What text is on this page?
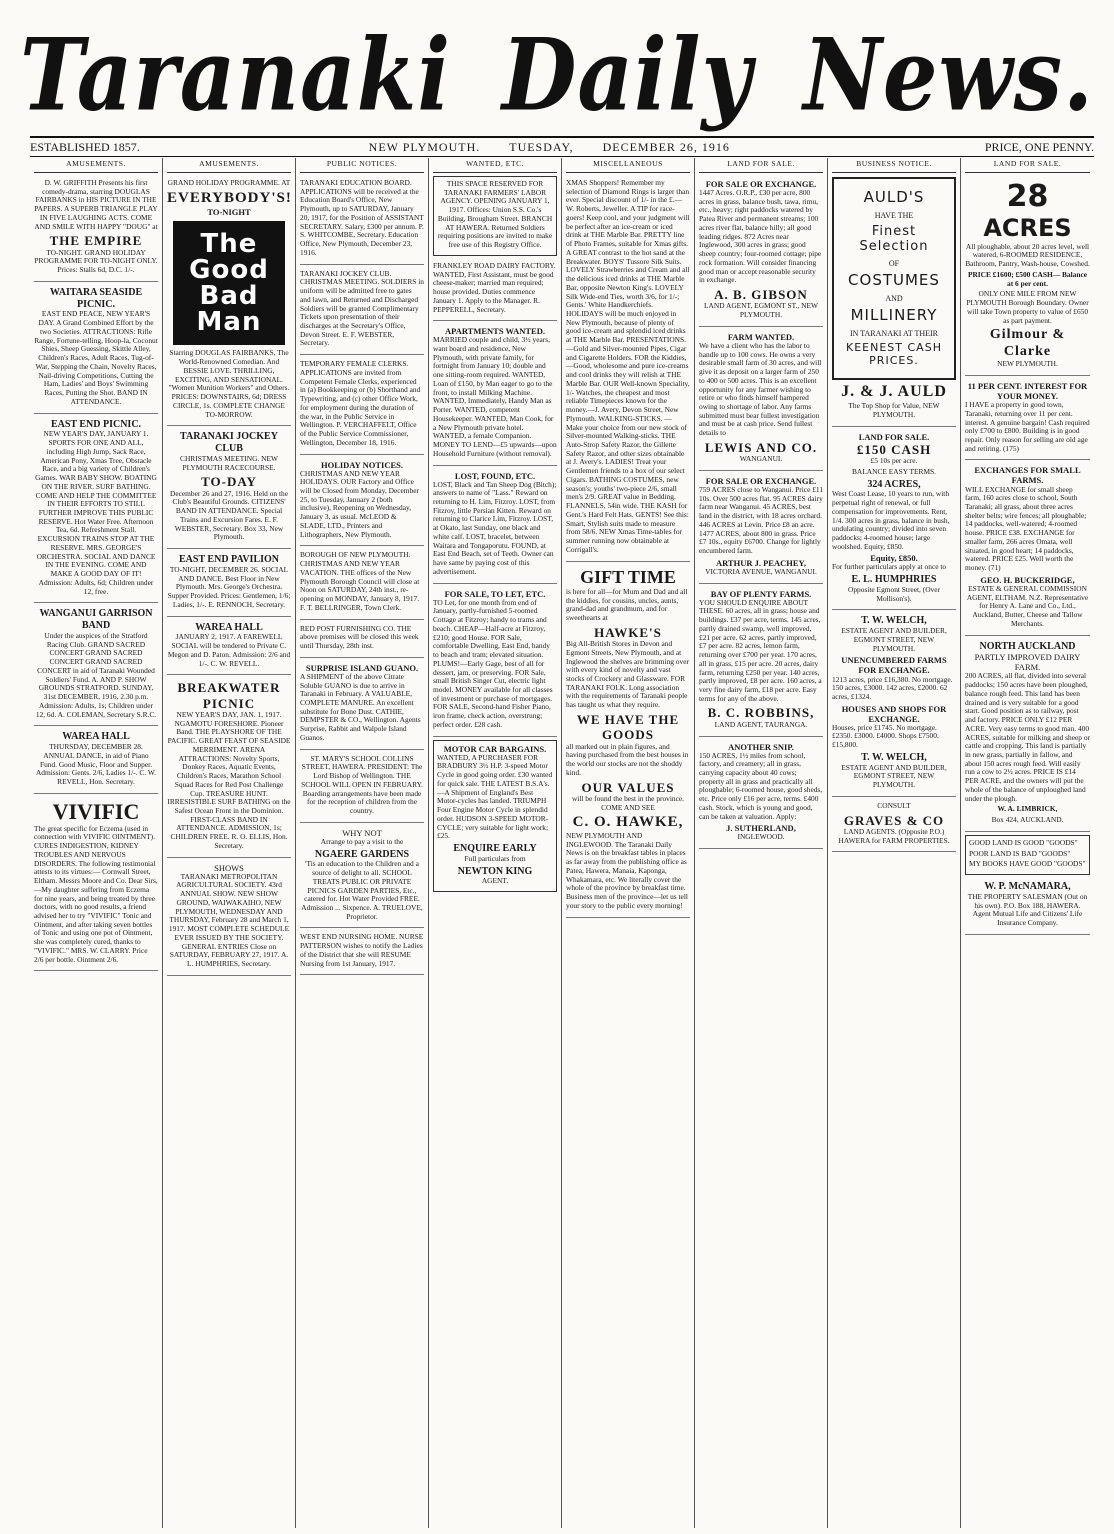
Taranaki Daily News.
ESTABLISHED 1857.	NEW PLYMOUTH. TUESDAY, DECEMBER 26, 1916	PRICE, ONE PENNY.
AMUSEMENTS.

D. W. GRIFFITH Presents his first comedy-drama, starring DOUGLAS FAIRBANKS in HIS PICTURE IN THE PAPERS. A SUPERB TRIANGLE PLAY IN FIVE LAUGHING ACTS. COME AND SMILE WITH HAPPY "DOUG" at

THE EMPIRE

TO-NIGHT. GRAND HOLIDAY PROGRAMME FOR TO-NIGHT ONLY. Prices: Stalls 6d, D.C. 1/-.

WAITARA SEASIDE PICNIC.

EAST END PEACE, NEW YEAR'S DAY. A Grand Combined Effort by the two Societies. ATTRACTIONS: Rifle Range, Fortune-telling, Hoop-la, Coconut Shies, Sheep Guessing, Skittle Alley, Children's Races, Adult Races, Tug-of-War, Stepping the Chain, Novelty Races, Nail-driving Competitions, Cutting the Ham, Ladies' and Boys' Swimming Races, Putting the Shot. BAND IN ATTENDANCE.

EAST END PICNIC.

NEW YEAR'S DAY, JANUARY 1. SPORTS FOR ONE AND ALL, including High Jump, Sack Race, American Pony, Xmas Tree, Obstacle Race, and a big variety of Children's Games. WAR BABY SHOW. BOATING ON THE RIVER. SURF BATHING. COME AND HELP THE COMMITTEE IN THEIR EFFORTS TO STILL FURTHER IMPROVE THIS PUBLIC RESERVE. Hot Water Free. Afternoon Tea, 6d. Refreshment Stall. EXCURSION TRAINS STOP AT THE RESERVE. MRS. GEORGE'S ORCHESTRA. SOCIAL AND DANCE IN THE EVENING. COME AND MAKE A GOOD DAY OF IT! Admission: Adults, 6d; Children under 12, free.

WANGANUI GARRISON BAND

Under the auspices of the Stratford Racing Club. GRAND SACRED CONCERT GRAND SACRED CONCERT GRAND SACRED CONCERT in aid of Taranaki Wounded Soldiers' Fund. A. AND P. SHOW GROUNDS STRATFORD. SUNDAY, 31st DECEMBER, 1916, 2.30 p.m. Admission: Adults, 1s; Children under 12, 6d. A. COLEMAN, Secretary S.R.C.

WAREA HALL

THURSDAY, DECEMBER 28. ANNUAL DANCE, in aid of Piano Fund. Good Music, Floor and Supper. Admission: Gents. 2/6, Ladies 1/-. C. W. REVELL, Hon. Secretary.

VIVIFIC

The great specific for Eczema (used in connection with VIVIFIC OINTMENT). CURES INDIGESTION, KIDNEY TROUBLES AND NERVOUS DISORDERS. The following testimonial attests to its virtues:— Cornwall Street, Eltham. Messrs Moore and Co. Dear Sirs,—My daughter suffering from Eczema for nine years, and being treated by three doctors, with no good results, a friend advised her to try "VIVIFIC" Tonic and Ointment, and after taking seven bottles of Tonic and using one pot of Ointment, she was completely cured, thanks to "VIVIFIC." MRS. W. CLARRY. Price 2/6 per bottle. Ointment 2/6.

AMUSEMENTS.

GRAND HOLIDAY PROGRAMME. AT

EVERYBODY'S!
TO-NIGHT
The Good Bad Man

Starring DOUGLAS FAIRBANKS, The World-Renowned Comedian. And BESSIE LOVE. THRILLING, EXCITING, AND SENSATIONAL. "Women Munition Workers" and Others. PRICES: DOWNSTAIRS, 6d; DRESS CIRCLE, 1s. COMPLETE CHANGE TO-MORROW.

TARANAKI JOCKEY CLUB

CHRISTMAS MEETING. NEW PLYMOUTH RACECOURSE.

TO-DAY

December 26 and 27, 1916. Held on the Club's Beautiful Grounds. CITIZENS' BAND IN ATTENDANCE. Special Trains and Excursion Fares. E. F. WEBSTER, Secretary. Box 33, New Plymouth.

EAST END PAVILION

TO-NIGHT, DECEMBER 26. SOCIAL AND DANCE. Best Floor in New Plymouth. Mrs. George's Orchestra. Supper Provided. Prices: Gentlemen, 1/6; Ladies, 1/-. E. RENNOCH, Secretary.

WAREA HALL

JANUARY 2, 1917. A FAREWELL SOCIAL will be tendered to Private C. Megon and D. Paton. Admission: 2/6 and 1/-. C. W. REVELL.

BREAKWATER PICNIC

NEW YEAR'S DAY, JAN. 1, 1917. NGAMOTU FORESHORE. Pioneer Band. THE PLAYSHORE OF THE PACIFIC. GREAT FEAST OF SEASIDE MERRIMENT. ARENA ATTRACTIONS: Novelty Sports, Donkey Races, Aquatic Events, Children's Races, Marathon School Squad Races for Red Post Challenge Cup. TREASURE HUNT. IRRESISTIBLE SURF BATHING on the Safest Ocean Front in the Dominion. FIRST-CLASS BAND IN ATTENDANCE. ADMISSION, 1s; CHILDREN FREE. R. O. ELLIS, Hon. Secretary.

SHOWS

TARANAKI METROPOLITAN AGRICULTURAL SOCIETY. 43rd ANNUAL SHOW. NEW SHOW GROUND, WAIWAKAIHO, NEW PLYMOUTH, WEDNESDAY AND THURSDAY, February 28 and March 1, 1917. MOST COMPLETE SCHEDULE EVER ISSUED BY THE SOCIETY. GENERAL ENTRIES Close on SATURDAY, FEBRUARY 27, 1917. A. L. HUMPHRIES, Secretary.

PUBLIC NOTICES.

TARANAKI EDUCATION BOARD. APPLICATIONS will be received at the Education Board's Office, New Plymouth, up to SATURDAY, January 20, 1917, for the Position of ASSISTANT SECRETARY. Salary, £300 per annum. P. S. WHITCOMBE, Secretary. Education Office, New Plymouth, December 23, 1916.

TARANAKI JOCKEY CLUB. CHRISTMAS MEETING. SOLDIERS in uniform will be admitted free to gates and lawn, and Returned and Discharged Soldiers will be granted Complimentary Tickets upon presentation of their discharges at the Secretary's Office, Devon Street. E. F. WEBSTER, Secretary.

TEMPORARY FEMALE CLERKS. APPLICATIONS are invited from Competent Female Clerks, experienced in (a) Bookkeeping or (b) Shorthand and Typewriting, and (c) other Office Work, for employment during the duration of the war, in the Public Service in Wellington. P. VERCHAFFELT, Office of the Public Service Commissioner, Wellington, December 18, 1916.

HOLIDAY NOTICES.

CHRISTMAS AND NEW YEAR HOLIDAYS. OUR Factory and Office will be Closed from Monday, December 25, to Tuesday, January 2 (both inclusive), Reopening on Wednesday, January 3, as usual. McLEOD & SLADE, LTD., Printers and Lithographers, New Plymouth.

BOROUGH OF NEW PLYMOUTH. CHRISTMAS AND NEW YEAR VACATION. THE offices of the New Plymouth Borough Council will close at Noon on SATURDAY, 24th inst., re-opening on MONDAY, January 8, 1917. F. T. BELLRINGER, Town Clerk.

RED POST FURNISHING CO. THE above premises will be closed this week until Thursday, 28th inst.

SURPRISE ISLAND GUANO.

A SHIPMENT of the above Citrate Soluble GUANO is due to arrive in Taranaki in February. A VALUABLE, COMPLETE MANURE. An excellent substitute for Bone Dust. CATHIE, DEMPSTER & CO., Wellington. Agents Surprise, Rabbit and Walpole Island Guanos.

ST. MARY'S SCHOOL COLLINS STREET, HAWERA. PRESIDENT: The Lord Bishop of Wellington. THE SCHOOL WILL OPEN IN FEBRUARY. Boarding arrangements have been made for the reception of children from the country.

WHY NOT

Arrange to pay a visit to the

NGAERE GARDENS

'Tis an education to the Children and a source of delight to all. SCHOOL TREATS PUBLIC OR PRIVATE PICNICS GARDEN PARTIES, Etc., catered for. Hot Water Provided FREE. Admission ... Sixpence. A. TRUELOVE, Proprietor.

WEST END NURSING HOME. NURSE PATTERSON wishes to notify the Ladies of the District that she will RESUME Nursing from 1st January, 1917.

WANTED, ETC.

THIS SPACE RESERVED FOR TARANAKI FARMERS' LABOR AGENCY. OPENING JANUARY 1, 1917. Offices: Union S.S. Co.'s Building, Brougham Street. BRANCH AT HAWERA. Returned Soldiers requiring positions are invited to make free use of this Registry Office.

FRANKLEY ROAD DAIRY FACTORY. WANTED, First Assistant, must be good cheese-maker; married man required; house provided. Duties commence January 1. Apply to the Manager. R. PEPPERELL, Secretary.

APARTMENTS WANTED.

MARRIED couple and child, 3½ years, want board and residence, New Plymouth, with private family, for fortnight from January 10; double and one sitting-room required. WANTED, Loan of £150, by Man eager to go to the front, to install Milking Machine. WANTED, Immediately, Handy Man as Porter. WANTED, competent Housekeeper. WANTED, Man Cook, for a New Plymouth private hotel. WANTED, a female Companion. MONEY TO LEND—£5 upwards—upon Household Furniture (without removal).

LOST, FOUND, ETC.

LOST, Black and Tan Sheep Dog (Bitch); answers to name of "Lass." Reward on returning to H. Lim, Fitzroy. LOST, from Fitzroy, little Persian Kitten. Reward on returning to Clarice Lim, Fitzroy. LOST, at Okato, last Sunday, one black and white calf. LOST, bracelet, between Waitara and Tongaporutu. FOUND, at East End Beach, set of Teeth. Owner can have same by paying cost of this advertisement.

FOR SALE, TO LET, ETC.

TO Let, for one month from end of January, partly-furnished 5-roomed Cottage at Fitzroy; handy to trams and beach. CHEAP—Half-acre at Fitzroy, £210; good House. FOR Sale, comfortable Dwelling, East End, handy to beach and tram; elevated situation. PLUMS!—Early Gage, best of all for dessert, jam, or preserving. FOR Sale, small British Singer Cut, electric light model. MONEY available for all classes of investment or purchase of mortgages. FOR SALE, Second-hand Fisher Piano, iron frame, check action, overstrung; perfect order. £28 cash.

MOTOR CAR BARGAINS.

WANTED, A PURCHASER FOR BRADBURY 3½ H.P. 3-speed Motor Cycle in good going order. £30 wanted for quick sale. THE LATEST B.S.A's.—A Shipment of England's Best Motor-cycles has landed. TRIUMPH Four Engine Motor Cycle in splendid order. HUDSON 3-SPEED MOTOR-CYCLE; very suitable for light work; £25.

ENQUIRE EARLY

Full particulars from

NEWTON KING

AGENT.

MISCELLANEOUS

XMAS Shoppers! Remember my selection of Diamond Rings is larger than ever. Special discount of 1/- in the £.—W. Roberts, Jeweller. A TIP for race-goers! Keep cool, and your judgment will be perfect after an ice-cream or iced drink at THE Marble Bar. PRETTY line of Photo Frames, suitable for Xmas gifts. A GREAT contrast to the hot sand at the Breakwater. BOYS' Tussore Silk Suits. LOVELY Strawberries and Cream and all the delicious iced drinks at THE Marble Bar, opposite Newton King's. LOVELY Silk Wide-end Ties, worth 3/6, for 1/-; Gents.' White Handkerchiefs. HOLIDAYS will be much enjoyed in New Plymouth, because of plenty of good ice-cream and splendid iced drinks at THE Marble Bar. PRESENTATIONS.—Gold and Silver-mounted Pipes, Cigar and Cigarette Holders. FOR the Kiddies,—Good, wholesome and pure ice-creams and cool drinks they will relish at THE Marble Bar. OUR Well-known Speciality, 1/- Watches, the cheapest and most reliable Timepieces known for the money.—J. Avery, Devon Street, New Plymouth. WALKING-STICKS. — Make your choice from our new stock of Silver-mounted Walking-sticks. THE Auto-Strop Safety Razor, the Gillette Safety Razor, and other sizes obtainable at J. Avery's. LADIES! Treat your Gentlemen friends to a box of our select Cigars. BATHING COSTUMES, new season's; youths' two-piece 2/6, small men's 2/9. GREAT value in Bedding. FLANNELS, 54in wide. THE KASH for Gent.'s Hard Felt Hats. GENTS! See this: Smart, Stylish suits made to measure from 58/6. NEW Xmas Time-tables for summer running now obtainable at Corrigall's.

GIFT TIME

is here for all—for Mum and Dad and all the kiddies, for cousins, uncles, aunts, grand-dad and grandmum, and for sweethearts at

HAWKE'S

Big All-British Stores in Devon and Egmont Streets, New Plymouth, and at Inglewood the shelves are brimming over with every kind of novelty and vast stocks of Crockery and Glassware. FOR TARANAKI FOLK. Long association with the requirements of Taranaki people has taught us what they require.

WE HAVE THE GOODS

all marked out in plain figures, and having purchased from the best houses in the world our stocks are not the shoddy kind.

OUR VALUES

will be found the best in the province. COME AND SEE

C. O. HAWKE,

NEW PLYMOUTH AND INGLEWOOD. The Taranaki Daily News is on the breakfast tables in places as far away from the publishing office as Patea, Hawera, Manaia, Kaponga, Whakamara, etc. We literally cover the whole of the province by breakfast time. Business men of the province—let us tell your story to the public every morning!

LAND FOR SALE.
FOR SALE OR EXCHANGE.

1447 Acres. O.R.P., £30 per acre, 800 acres in grass, balance bush, tawa, rimu, etc., heavy; right paddocks watered by Patea River and permanent streams; 100 acres river flat, balance hilly; all good leading ridges. 872 Acres near Inglewood, 300 acres in grass; good sheep country; four-roomed cottage; pipe rock formation. Will consider financing good man or accept reasonable security in exchange.

A. B. GIBSON

LAND AGENT, EGMONT ST., NEW PLYMOUTH.

FARM WANTED.

We have a client who has the labor to handle up to 100 cows. He owns a very desirable small farm of 30 acres, and will give it as deposit on a larger farm of 250 to 400 or 500 acres. This is an excellent opportunity for any farmer wishing to retire or who finds himself hampered owing to shortage of labor. Any farms submitted must bear fullest investigation and must be at cash price. Send fullest details to

LEWIS AND CO.

WANGANUI.

FOR SALE OR EXCHANGE.

759 ACRES close to Wanganui. Price £11 10s. Over 500 acres flat. 95 ACRES dairy farm near Wanganui. 45 ACRES, best land in the district, with 18 acres orchard. 446 ACRES at Levin. Price £8 an acre. 1477 ACRES, about 800 in grass. Price £7 10s., equity £6700. Change for lightly encumbered farm.

ARTHUR J. PEACHEY,

VICTORIA AVENUE, WANGANUI.

BAY OF PLENTY FARMS.

YOU SHOULD ENQUIRE ABOUT THESE. 60 acres, all in grass; house and buildings. £37 per acre, terms. 145 acres, partly drained swamp, well improved, £21 per acre. 62 acres, partly improved, £7 per acre. 82 acres, lemon farm, returning over £700 per year. 170 acres, all in grass, £15 per acre. 20 acres, dairy farm, returning £250 per year. 140 acres, partly improved, £8 per acre. 160 acres, a very fine dairy farm, £18 per acre. Easy terms for any of the above.

B. C. ROBBINS,

LAND AGENT, TAURANGA.

ANOTHER SNIP.

150 ACRES, 1½ miles from school, factory, and creamery; all in grass, carrying capacity about 40 cows; property all in grass and practically all ploughable; 6-roomed house, good sheds, etc. Price only £16 per acre, terms. £400 cash. Stock, which is young and good, can be taken at valuation. Apply:

J. SUTHERLAND,

INGLEWOOD.

BUSINESS NOTICE.
AULD'S
HAVE THE
Finest Selection
OF
COSTUMES
AND
MILLINERY
IN TARANAKI AT THEIR
KEENEST CASH PRICES.
J. & J. AULD

The Top Shop for Value, NEW PLYMOUTH.

LAND FOR SALE.
£150 CASH

£5 10s per acre.

BALANCE EASY TERMS.

324 ACRES,

West Coast Lease, 10 years to run, with perpetual right of renewal, or full compensation for improvements. Rent, 1/4. 300 acres in grass, balance in bush, undulating country; divided into seven paddocks; 4-roomed house; large woolshed. Equity, £850.

Equity, £850.

For further particulars apply at once to

E. L. HUMPHRIES

Opposite Egmont Street, (Over Mollison's).

T. W. WELCH,

ESTATE AGENT AND BUILDER, EGMONT STREET, NEW PLYMOUTH.

UNENCUMBERED FARMS FOR EXCHANGE.

1213 acres, price £16,380. No mortgage. 150 acres, £3000. 142 acres, £2000. 62 acres, £1324.

HOUSES AND SHOPS FOR EXCHANGE.

Houses, price £1745. No mortgage. £2350. £3000. £4000. Shops £7500. £15,800.

T. W. WELCH,

ESTATE AGENT AND BUILDER, EGMONT STREET, NEW PLYMOUTH.

CONSULT

GRAVES & CO

LAND AGENTS. (Opposite P.O.) HAWERA for FARM PROPERTIES.

LAND FOR SALE.
28
ACRES

All ploughable, about 20 acres level, well watered, 6-ROOMED RESIDENCE, Bathroom, Pantry, Wash-house, Cowshed.

PRICE £1600; £500 CASH— Balance at 6 per cent.

ONLY ONE MILE FROM NEW PLYMOUTH Borough Boundary. Owner will take Town property to value of £650 as part payment.

Gilmour & Clarke

NEW PLYMOUTH.

11 PER CENT. INTEREST FOR YOUR MONEY.

I HAVE a property in good town, Taranaki, returning over 11 per cent. interest. A genuine bargain! Cash required only £700 to £800. Building is in good repair. Only reason for selling are old age and retiring. (175)

EXCHANGES FOR SMALL FARMS.

WILL EXCHANGE for small sheep farm, 160 acres close to school, South Taranaki; all grass, about three acres shelter belts; wire fences; all ploughable; 14 paddocks, well-watered; 4-roomed house. PRICE £38. EXCHANGE for smaller farm, 266 acres Omata, well situated, in good heart; 14 paddocks, watered. PRICE £25. Well worth the money. (71)

GEO. H. BUCKERIDGE,

ESTATE & GENERAL COMMISSION AGENT, ELTHAM. N.Z. Representative for Henry A. Lane and Co., Ltd., Auckland, Butter, Cheese and Tallow Merchants.

NORTH AUCKLAND
PARTLY IMPROVED DAIRY FARM.

200 ACRES, all flat, divided into several paddocks; 150 acres have been ploughed, balance rough feed. This land has been drained and is very suitable for a good start. Good position as to railway, post and factory. PRICE ONLY £12 PER ACRE. Very easy terms to good man. 400 ACRES, suitable for milking and sheep or cattle and cropping. This land is partially in new grass, partially in fallow, and about 150 acres rough feed. Will easily run a cow to 2½ acres. PRICE IS £14 PER ACRE, and the owners will put the whole of the balance of unploughed land under the plough.

W. A. LIMBRICK,

Box 424, AUCKLAND.

GOOD LAND IS GOOD "GOODS"

POOR LAND IS BAD "GOODS"

MY BOOKS HAVE GOOD "GOODS"

W. P. McNAMARA,

THE PROPERTY SALESMAN (Out on his own). P.O. Box 188, HAWERA. Agent Mutual Life and Citizens' Life Insurance Company.
